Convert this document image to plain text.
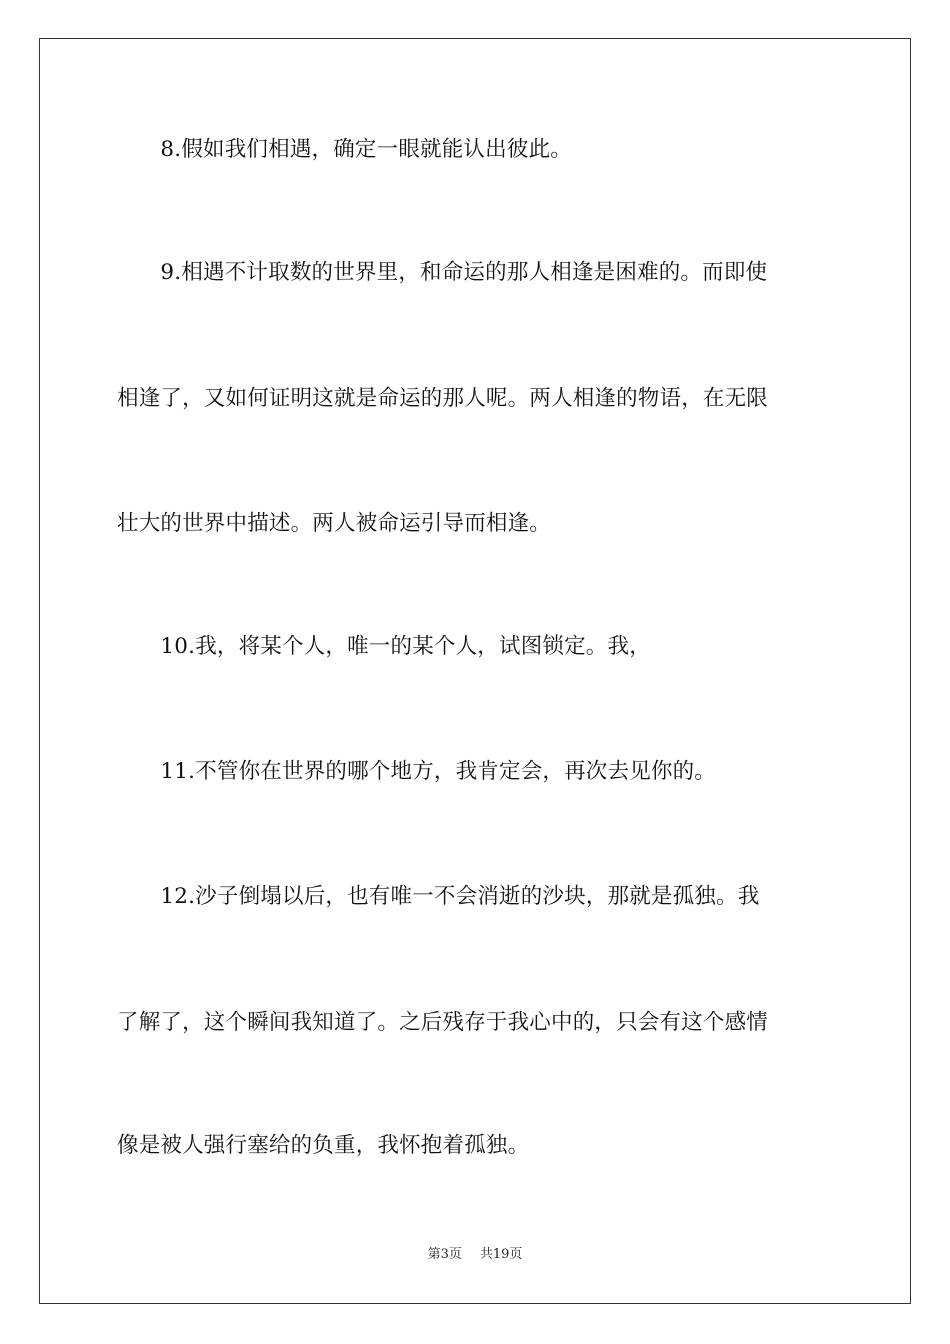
　　8.假如我们相遇，确定一眼就能认出彼此。
　　9.相遇不计取数的世界里，和命运的那人相逢是困难的。而即使
相逢了，又如何证明这就是命运的那人呢。两人相逢的物语，在无限
壮大的世界中描述。两人被命运引导而相逢。
　　10.我，将某个人，唯一的某个人，试图锁定。我，
　　11.不管你在世界的哪个地方，我肯定会，再次去见你的。
　　12.沙子倒塌以后，也有唯一不会消逝的沙块，那就是孤独。我
了解了，这个瞬间我知道了。之后残存于我心中的，只会有这个感情
像是被人强行塞给的负重，我怀抱着孤独。
第3页 共19页
